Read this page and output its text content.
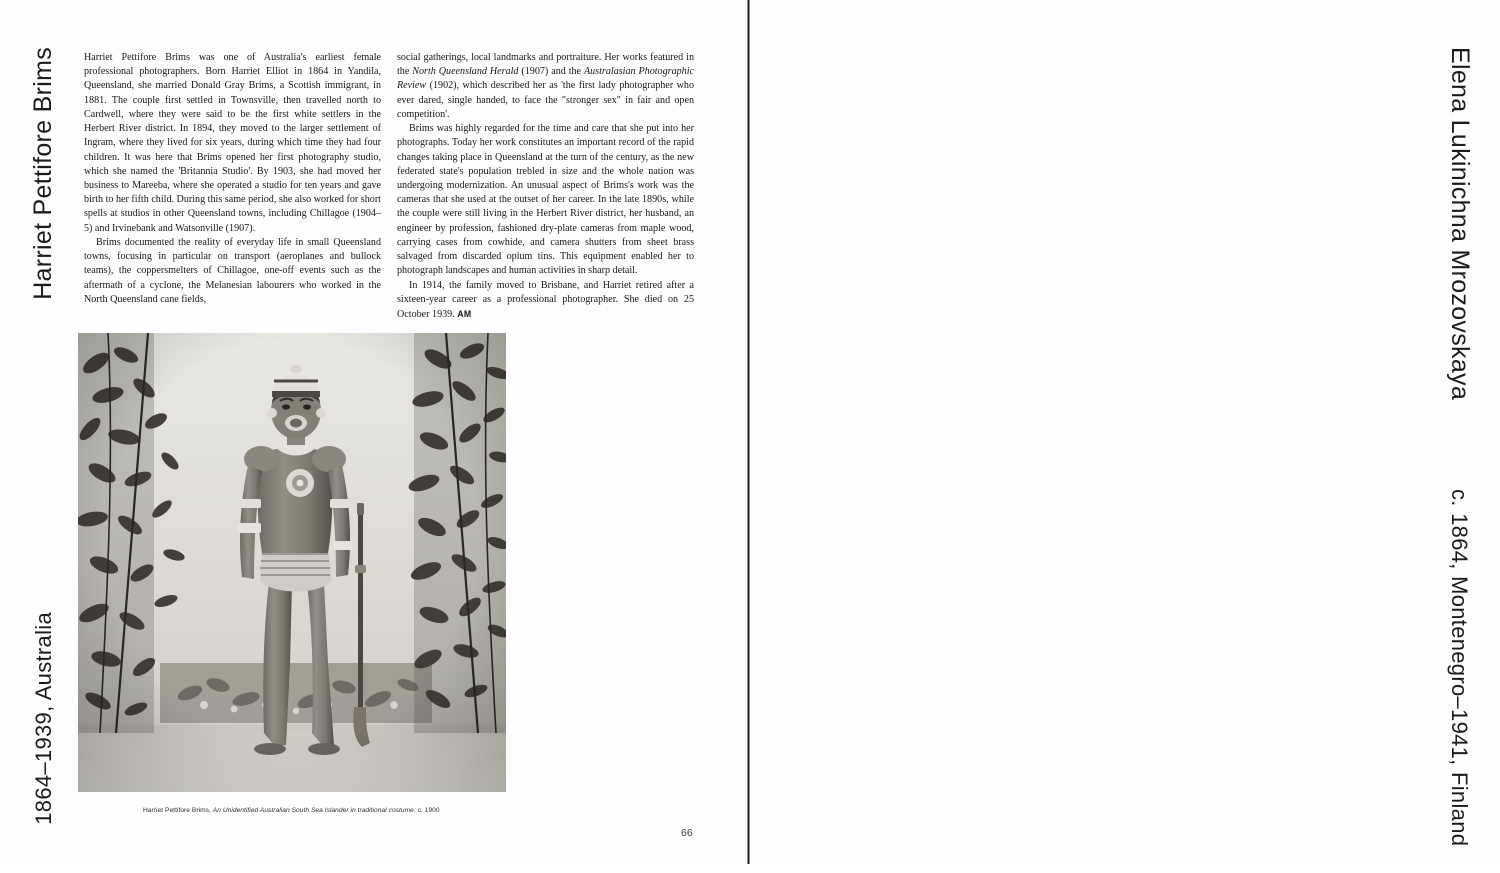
Harriet Pettifore Brims
1864–1939, Australia

Harriet Pettifore Brims was one of Australia's earliest female professional photographers. Born Harriet Elliot in 1864 in Yandila, Queensland, she married Donald Gray Brims, a Scottish immigrant, in 1881. The couple first settled in Townsville, then travelled north to Cardwell, where they were said to be the first white settlers in the Herbert River district. In 1894, they moved to the larger settlement of Ingram, where they lived for six years, during which time they had four children. It was here that Brims opened her first photography studio, which she named the 'Britannia Studio'. By 1903, she had moved her business to Mareeba, where she operated a studio for ten years and gave birth to her fifth child. During this same period, she also worked for short spells at studios in other Queensland towns, including Chillagoe (1904–5) and Irvinebank and Watsonville (1907).

Brims documented the reality of everyday life in small Queensland towns, focusing in particular on transport (aeroplanes and bullock teams), the coppersmelters of Chillagoe, one-off events such as the aftermath of a cyclone, the Melanesian labourers who worked in the North Queensland cane fields,

social gatherings, local landmarks and portraiture. Her works featured in the North Queensland Herald (1907) and the Australasian Photographic Review (1902), which described her as 'the first lady photographer who ever dared, single handed, to face the "stronger sex" in fair and open competition'.

Brims was highly regarded for the time and care that she put into her photographs. Today her work constitutes an important record of the rapid changes taking place in Queensland at the turn of the century, as the new federated state's population trebled in size and the whole nation was undergoing modernization. An unusual aspect of Brims's work was the cameras that she used at the outset of her career. In the late 1890s, while the couple were still living in the Herbert River district, her husband, an engineer by profession, fashioned dry-plate cameras from maple wood, carrying cases from cowhide, and camera shutters from sheet brass salvaged from discarded opium tins. This equipment enabled her to photograph landscapes and human activities in sharp detail.

In 1914, the family moved to Brisbane, and Harriet retired after a sixteen-year career as a professional photographer. She died on 25 October 1939. AM

Harriet Pettifore Brims, An Unidentified Australian South Sea Islander in traditional costume, c. 1900
66
Elena Lukinichna Mrozovskaya
c. 1864, Montenegro–1941, Finland
